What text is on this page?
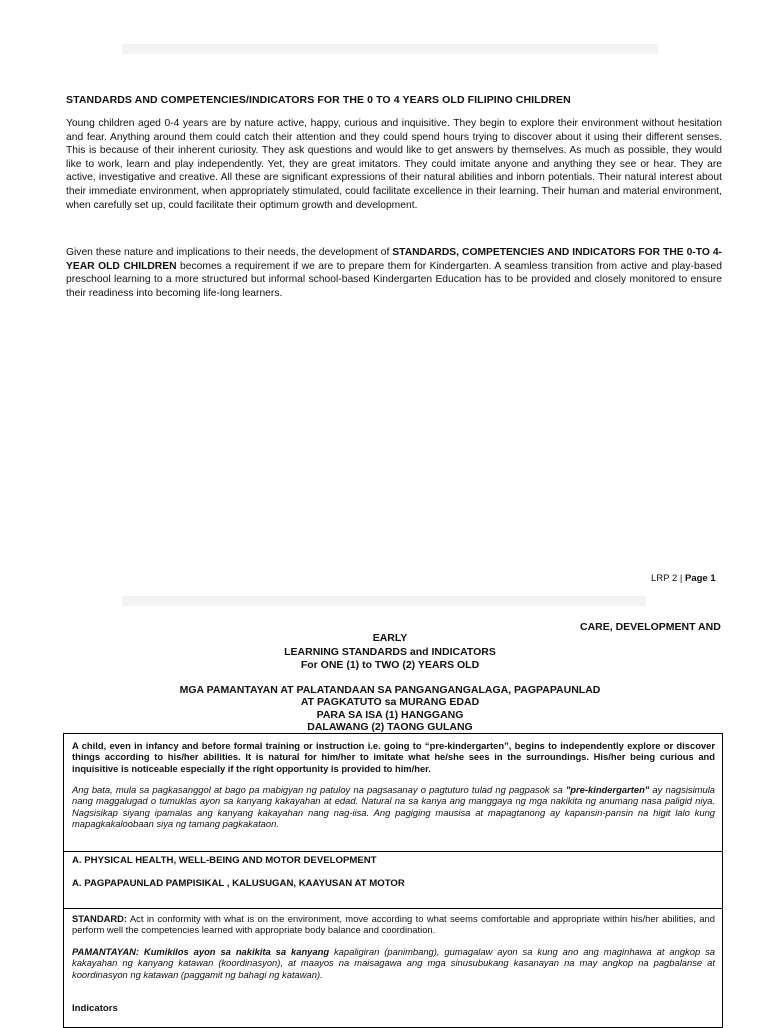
STANDARDS AND COMPETENCIES/INDICATORS FOR THE 0 TO 4 YEARS OLD FILIPINO CHILDREN
Young children aged 0-4 years are by nature active, happy, curious and inquisitive. They begin to explore their environment without hesitation and fear. Anything around them could catch their attention and they could spend hours trying to discover about it using their different senses. This is because of their inherent curiosity. They ask questions and would like to get answers by themselves. As much as possible, they would like to work, learn and play independently. Yet, they are great imitators. They could imitate anyone and anything they see or hear. They are active, investigative and creative. All these are significant expressions of their natural abilities and inborn potentials. Their natural interest about their immediate environment, when appropriately stimulated, could facilitate excellence in their learning. Their human and material environment, when carefully set up, could facilitate their optimum growth and development.
Given these nature and implications to their needs, the development of STANDARDS, COMPETENCIES AND INDICATORS FOR THE 0-TO 4-YEAR OLD CHILDREN becomes a requirement if we are to prepare them for Kindergarten. A seamless transition from active and play-based preschool learning to a more structured but informal school-based Kindergarten Education has to be provided and closely monitored to ensure their readiness into becoming life-long learners.
LRP 2 | Page 1
CARE, DEVELOPMENT AND
EARLY
LEARNING STANDARDS and INDICATORS
For ONE (1) to TWO (2) YEARS OLD
MGA PAMANTAYAN AT PALATANDAAN SA PANGANGANGALAGA, PAGPAPAUNLAD
AT PAGKATUTO sa MURANG EDAD
PARA SA ISA (1) HANGGANG
DALAWANG (2) TAONG GULANG
A child, even in infancy and before formal training or instruction i.e. going to “pre-kindergarten”, begins to independently explore or discover things according to his/her abilities. It is natural for him/her to imitate what he/she sees in the surroundings. His/her being curious and inquisitive is noticeable especially if the right opportunity is provided to him/her.
Ang bata, mula sa pagkasanggol at bago pa mabigyan ng patuloy na pagsasanay o pagtuturo tulad ng pagpasok sa "pre-kindergarten" ay nagsisimula nang maggalugad o tumuklas ayon sa kanyang kakayahan at edad. Natural na sa kanya ang manggaya ng mga nakikita ng anumang nasa paligid niya. Nagsisikap siyang ipamalas ang kanyang kakayahan nang nag-iisa. Ang pagiging mausisa at mapagtanong ay kapansin-pansin na higit lalo kung mapagkakaloobaan siya ng tamang pagkakataon.
A. PHYSICAL HEALTH, WELL-BEING AND MOTOR DEVELOPMENT
A. PAGPAPAUNLAD PAMPISIKAL , KALUSUGAN, KAAYUSAN AT MOTOR
STANDARD: Act in conformity with what is on the environment, move according to what seems comfortable and appropriate within his/her abilities, and perform well the competencies learned with appropriate body balance and coordination.
PAMANTAYAN: Kumikilos ayon sa nakikita sa kanyang kapaligiran (panimbang), gumagalaw ayon sa kung ano ang maginhawa at angkop sa kakayahan ng kanyang katawan (koordinasyon), at maayos na maisagawa ang mga sinusubukang kasanayan na may angkop na pagbalanse at koordinasyon ng katawan (paggamit ng bahagi ng katawan).
Indicators
